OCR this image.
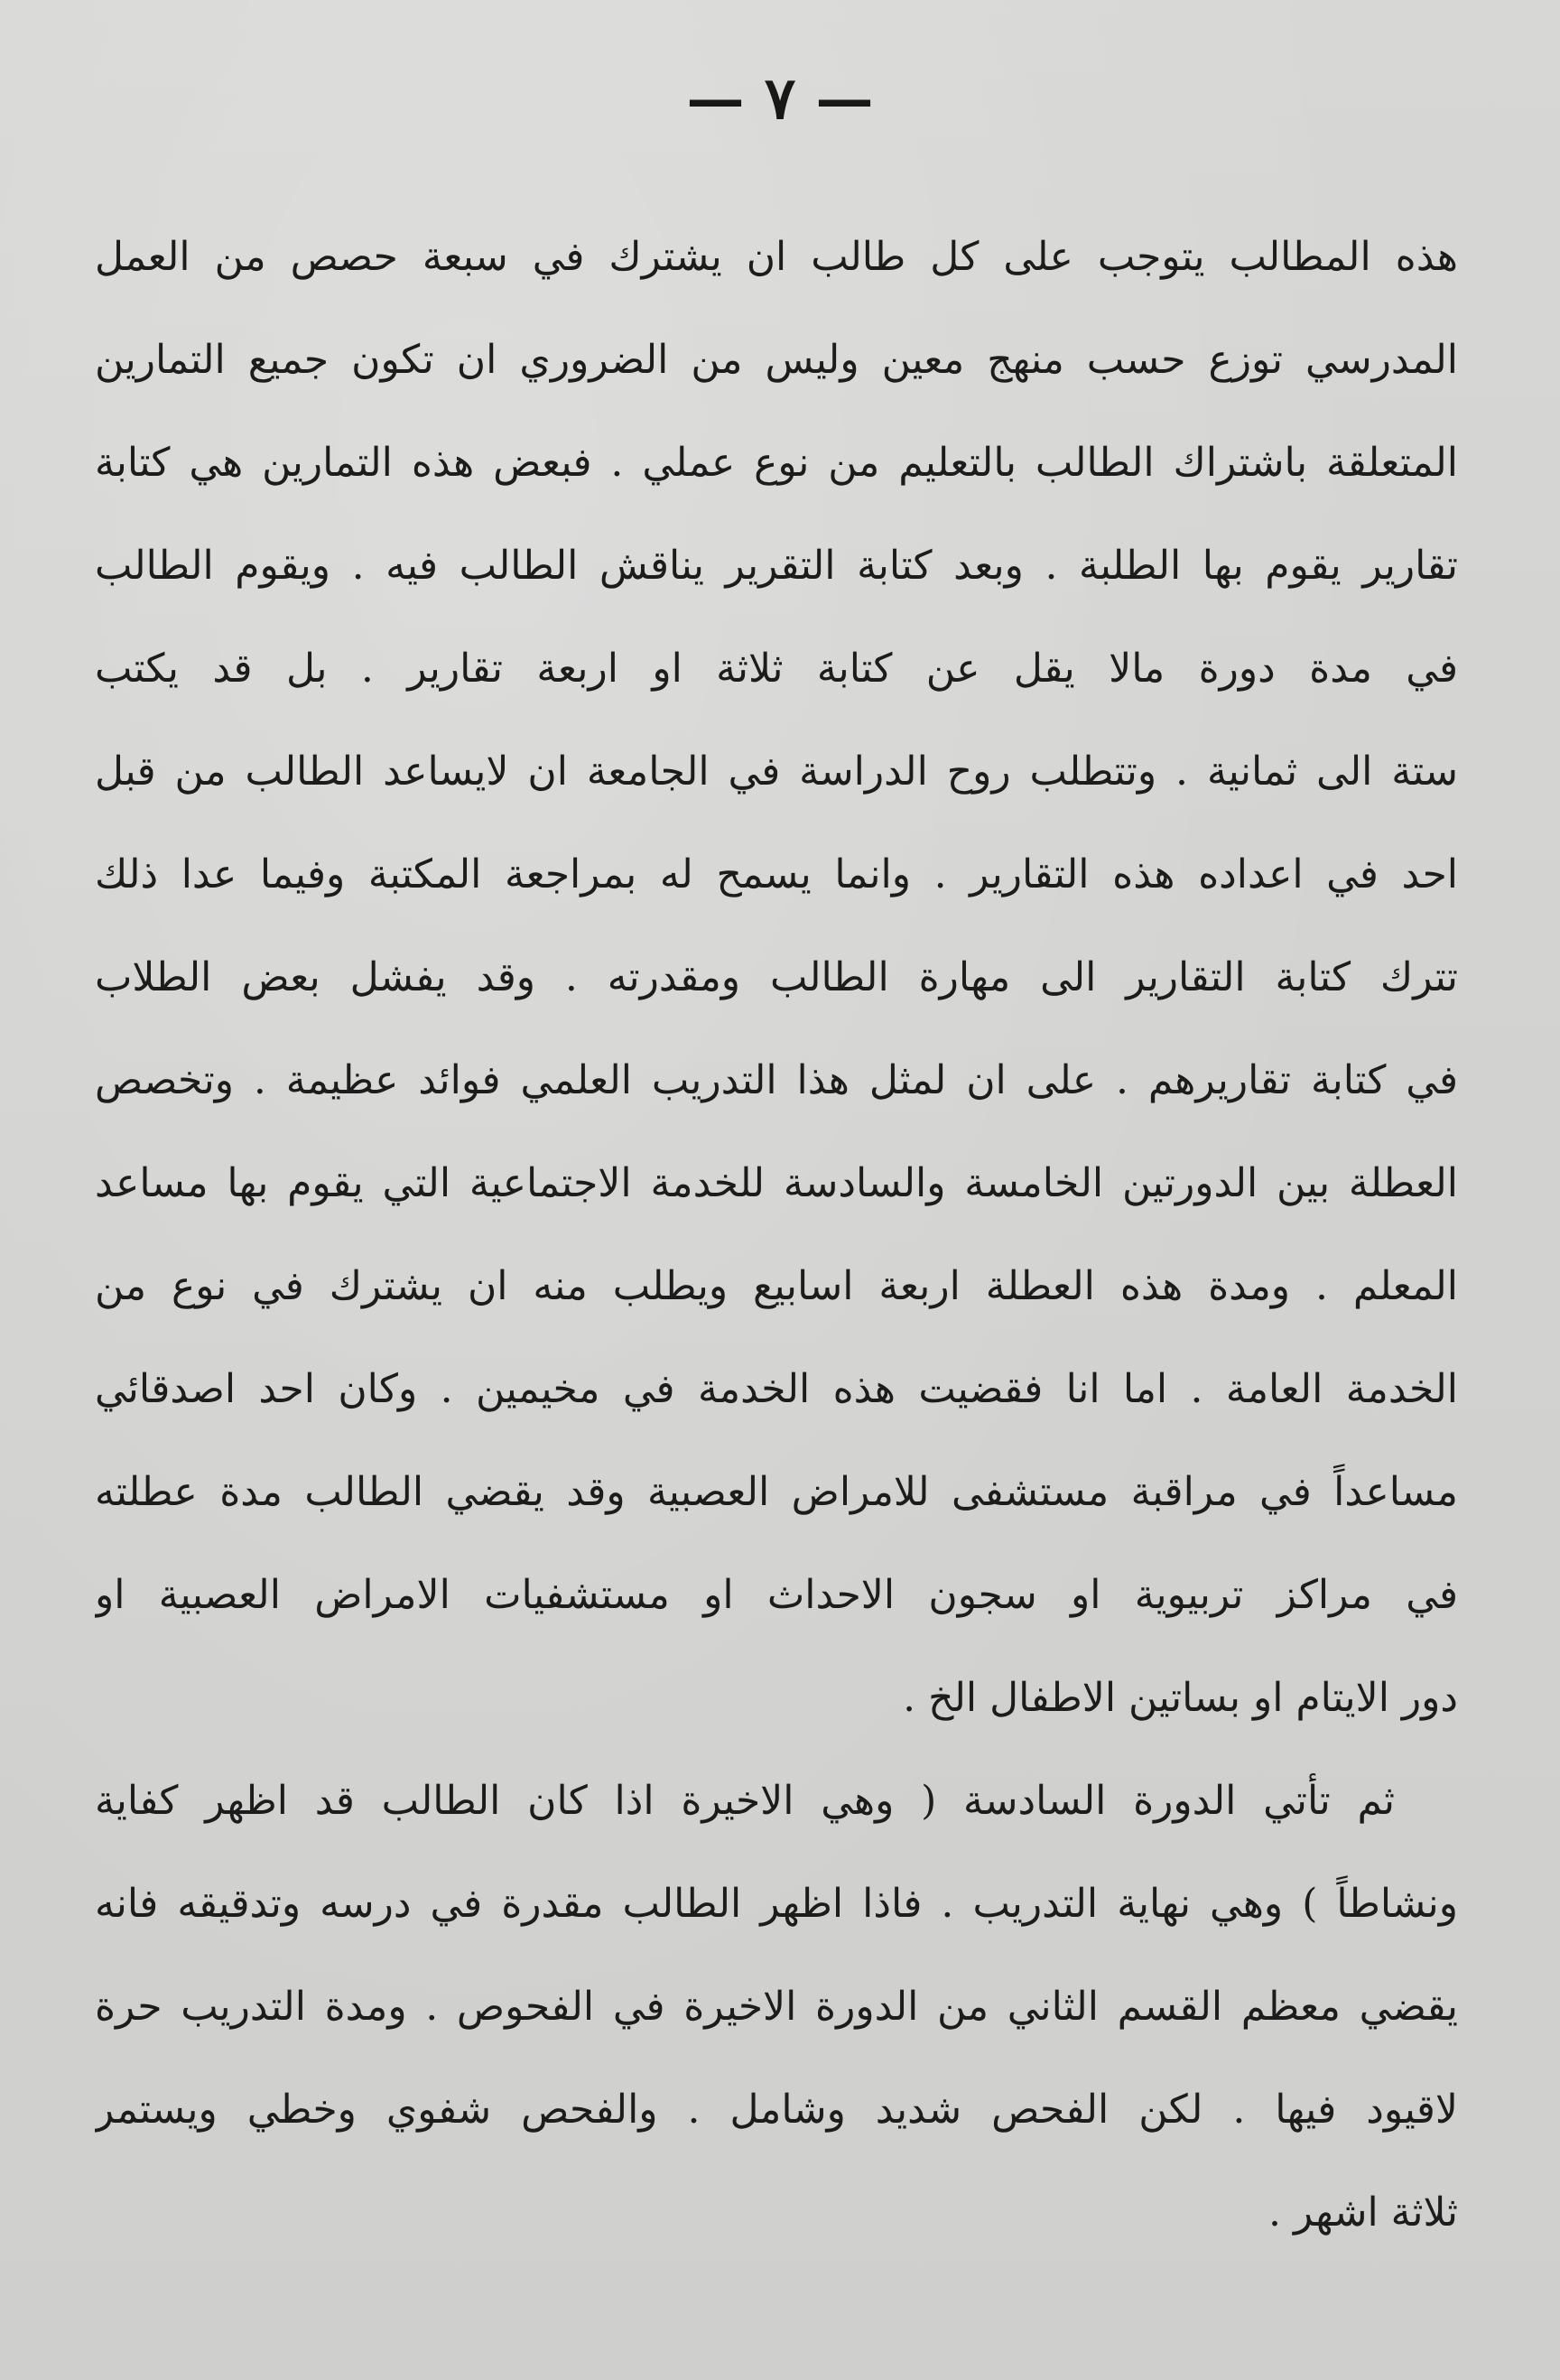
— ٧ —
هذه المطالب يتوجب على كل طالب ان يشترك في سبعة حصص من العمل
المدرسي توزع حسب منهج معين وليس من الضروري ان تكون جميع التمارين
المتعلقة باشتراك الطالب بالتعليم من نوع عملي . فبعض هذه التمارين هي كتابة
تقارير يقوم بها الطلبة . وبعد كتابة التقرير يناقش الطالب فيه . ويقوم الطالب
في مدة دورة مالا يقل عن كتابة ثلاثة او اربعة تقارير . بل قد يكتب
ستة الى ثمانية . وتتطلب روح الدراسة في الجامعة ان لايساعد الطالب من قبل
احد في اعداده هذه التقارير . وانما يسمح له بمراجعة المكتبة وفيما عدا ذلك
تترك كتابة التقارير الى مهارة الطالب ومقدرته . وقد يفشل بعض الطلاب
في كتابة تقاريرهم . على ان لمثل هذا التدريب العلمي فوائد عظيمة . وتخصص
العطلة بين الدورتين الخامسة والسادسة للخدمة الاجتماعية التي يقوم بها مساعد
المعلم . ومدة هذه العطلة اربعة اسابيع ويطلب منه ان يشترك في نوع من
الخدمة العامة . اما انا فقضيت هذه الخدمة في مخيمين . وكان احد اصدقائي
مساعداً في مراقبة مستشفى للامراض العصبية وقد يقضي الطالب مدة عطلته
في مراكز تربيوية او سجون الاحداث او مستشفيات الامراض العصبية او
دور الايتام او بساتين الاطفال الخ .
ثم تأتي الدورة السادسة ( وهي الاخيرة اذا كان الطالب قد اظهر كفاية
ونشاطاً ) وهي نهاية التدريب . فاذا اظهر الطالب مقدرة في درسه وتدقيقه فانه
يقضي معظم القسم الثاني من الدورة الاخيرة في الفحوص . ومدة التدريب حرة
لاقيود فيها . لكن الفحص شديد وشامل . والفحص شفوي وخطي ويستمر
ثلاثة اشهر .
